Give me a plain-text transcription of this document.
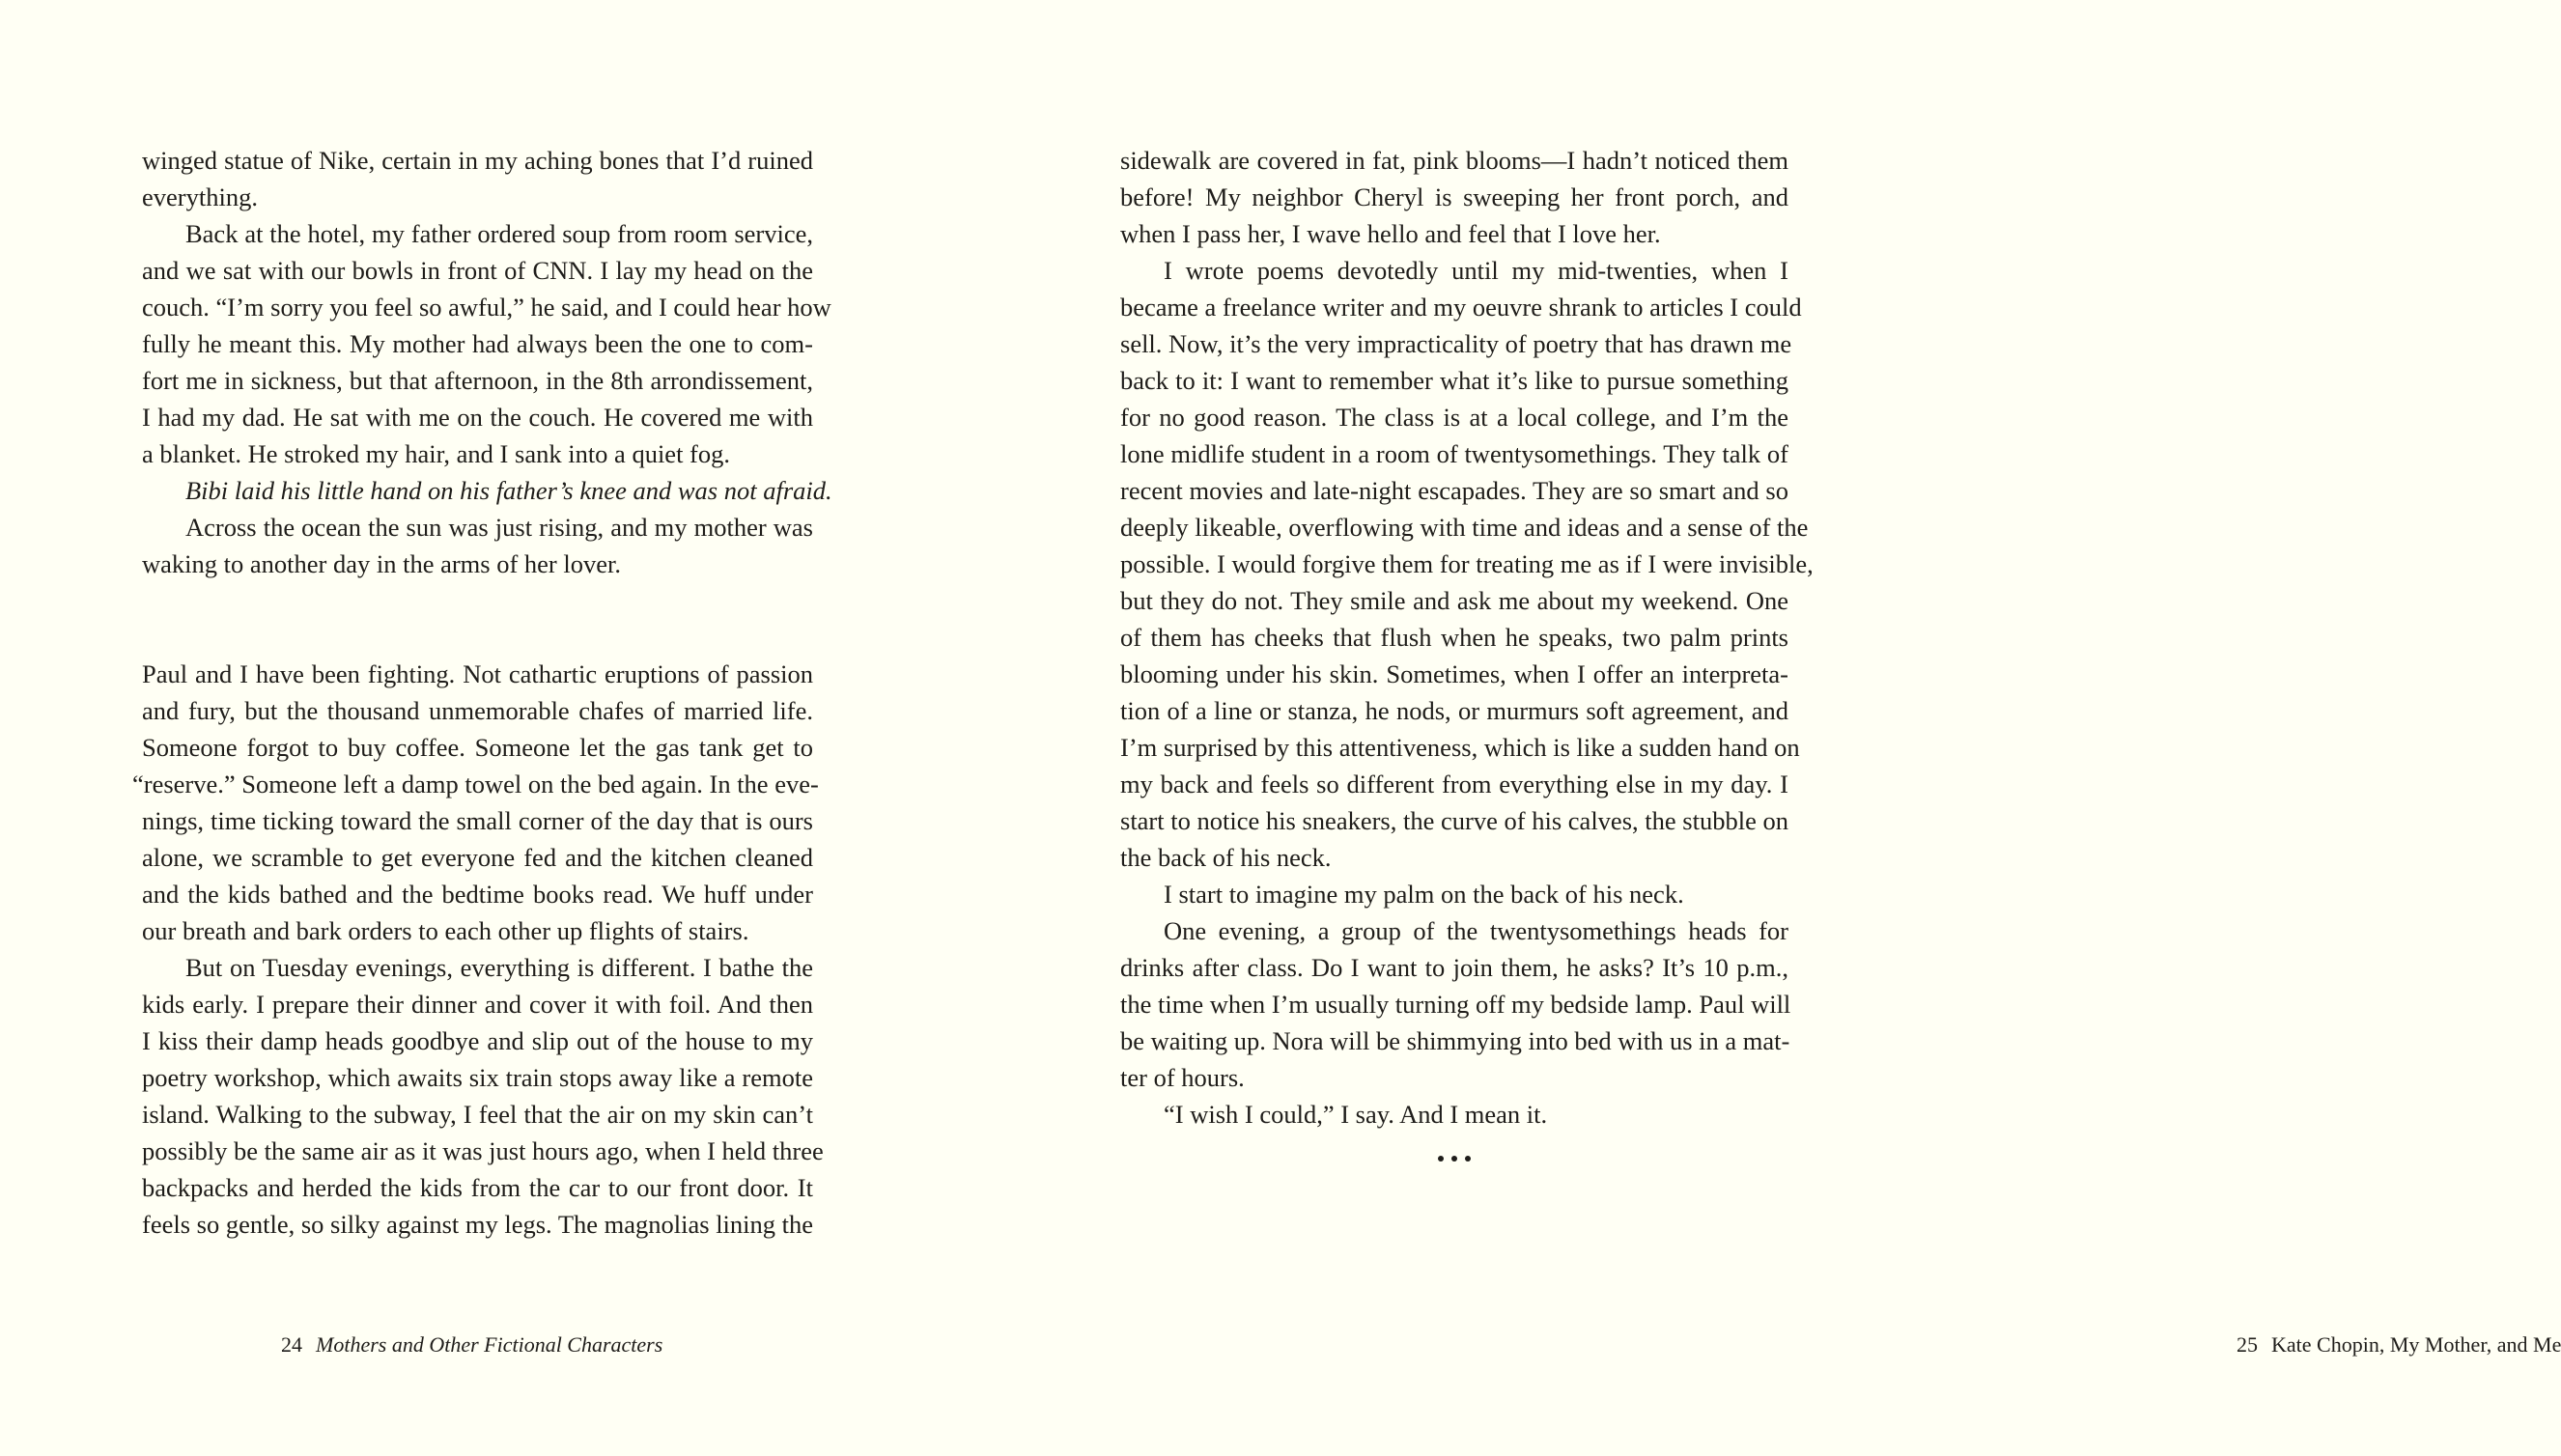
winged statue of Nike, certain in my aching bones that I’d ruined
everything.
Back at the hotel, my father ordered soup from room service,
and we sat with our bowls in front of CNN. I lay my head on the
couch. “I’m sorry you feel so awful,” he said, and I could hear how
fully he meant this. My mother had always been the one to com-
fort me in sickness, but that afternoon, in the 8th arrondissement,
I had my dad. He sat with me on the couch. He covered me with
a blanket. He stroked my hair, and I sank into a quiet fog.
Bibi laid his little hand on his father’s knee and was not afraid.
Across the ocean the sun was just rising, and my mother was
waking to another day in the arms of her lover.
Paul and I have been fighting. Not cathartic eruptions of passion
and fury, but the thousand unmemorable chafes of married life.
Someone forgot to buy coffee. Someone let the gas tank get to
“reserve.” Someone left a damp towel on the bed again. In the eve-
nings, time ticking toward the small corner of the day that is ours
alone, we scramble to get everyone fed and the kitchen cleaned
and the kids bathed and the bedtime books read. We huff under
our breath and bark orders to each other up flights of stairs.
But on Tuesday evenings, everything is different. I bathe the
kids early. I prepare their dinner and cover it with foil. And then
I kiss their damp heads goodbye and slip out of the house to my
poetry workshop, which awaits six train stops away like a remote
island. Walking to the subway, I feel that the air on my skin can’t
possibly be the same air as it was just hours ago, when I held three
backpacks and herded the kids from the car to our front door. It
feels so gentle, so silky against my legs. The magnolias lining the
24 Mothers and Other Fictional Characters
sidewalk are covered in fat, pink blooms—I hadn’t noticed them
before! My neighbor Cheryl is sweeping her front porch, and
when I pass her, I wave hello and feel that I love her.
I wrote poems devotedly until my mid-twenties, when I
became a freelance writer and my oeuvre shrank to articles I could
sell. Now, it’s the very impracticality of poetry that has drawn me
back to it: I want to remember what it’s like to pursue something
for no good reason. The class is at a local college, and I’m the
lone midlife student in a room of twentysomethings. They talk of
recent movies and late-night escapades. They are so smart and so
deeply likeable, overflowing with time and ideas and a sense of the
possible. I would forgive them for treating me as if I were invisible,
but they do not. They smile and ask me about my weekend. One
of them has cheeks that flush when he speaks, two palm prints
blooming under his skin. Sometimes, when I offer an interpreta-
tion of a line or stanza, he nods, or murmurs soft agreement, and
I’m surprised by this attentiveness, which is like a sudden hand on
my back and feels so different from everything else in my day. I
start to notice his sneakers, the curve of his calves, the stubble on
the back of his neck.
I start to imagine my palm on the back of his neck.
One evening, a group of the twentysomethings heads for
drinks after class. Do I want to join them, he asks? It’s 10 p.m.,
the time when I’m usually turning off my bedside lamp. Paul will
be waiting up. Nora will be shimmying into bed with us in a mat-
ter of hours.
“I wish I could,” I say. And I mean it.
25 Kate Chopin, My Mother, and Me
